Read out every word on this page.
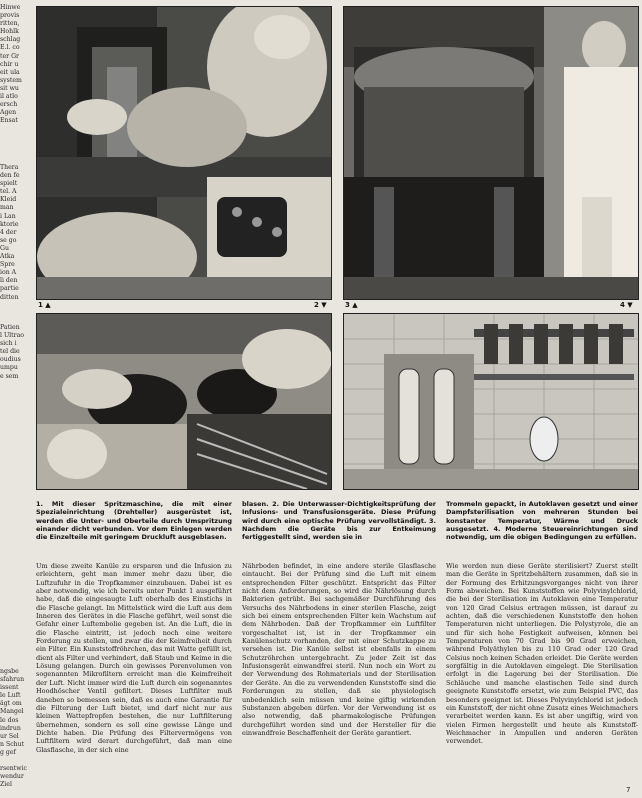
Hinwe
provis
ritten,
Hohlk
schlag
E.l. co
ter Gr
chir u
eit ula
system
sit wu
il atlo
ersch
Agen
Ensat
Thera
den fe
spielt
tel. A
Kleid
man
i Lan
ktorie
4 der
se go
Gu
Atka
Spre
ion A
li den
partie
ditten
Patien
l Ultrao
sich i
tel die
oudius
umpu
e sem
ngsbe
sfahrun
issent
le Luft
ägt om
Mangel
le dos
indrun
ur Sel
n Schut
g gef
rsentwic
wendur
Ziel
1 ▲	2 ▼	3 ▲	4 ▼
1. Mit dieser Spritzmaschine, die mit einer Spezialeinrichtung (Drehteller) ausgerüstet ist, werden die Unter- und Oberteile durch Umspritzung einander dicht verbunden. Vor dem Einlegen werden die Einzelteile mit geringem Druckluft ausgeblasen.
blasen. 2. Die Unterwasser-Dichtigkeitsprüfung der Infusions- und Transfusionsgeräte. Diese Prüfung wird durch eine optische Prüfung vervollständigt. 3. Nachdem die Geräte bis zur Entkeimung fertiggestellt sind, werden sie in
Trommeln gepackt, in Autoklaven gesetzt und einer Dampfsterilisation von mehreren Stunden bei konstanter Temperatur, Wärme und Druck ausgesetzt. 4. Moderne Steuereinrichtungen sind notwendig, um die obigen Bedingungen zu erfüllen.
Um diese zweite Kanüle zu ersparen und die Infusion zu erleichtern, geht man immer mehr dazu über, die Luftzufuhr in die Tropfkammer einzubauen. Dabei ist es aber notwendig, wie ich bereits unter Punkt 1 ausgeführt habe, daß die eingesaugte Luft oberhalb des Einstichs in die Flasche gelangt. Im Mittelstück wird die Luft aus dem Inneren des Gerätes in die Flasche geführt, weil sonst die Gefahr einer Luftembolie gegeben ist. An die Luft, die in die Flasche eintritt, ist jedoch noch eine weitere Forderung zu stellen, und zwar die der Keimfreiheit durch ein Filter. Ein Kunststoffröhrchen, das mit Watte gefüllt ist, dient als Filter und verhindert, daß Staub und Keime in die Lösung gelangen. Durch ein gewisses Porenvolumen von sogenannten Mikrofiltern erreicht man die Keimfreiheit der Luft. Nicht immer wird die Luft durch ein sogenanntes Hoodhöscher Ventil gefiltert. Dieses Luftfilter muß daneben so bemessen sein, daß es auch eine Garantie für die Filterung der Luft bietet, und darf nicht nur aus kleinen Wattepfropfen bestehen, die nur Luftfilterung übernehmen, sondern es soll eine gewisse Länge und Dichte haben. Die Prüfung des Filtervermögens von Luftfiltern wird derart durchgeführt, daß man eine Glasflasche, in der sich eine
Nährboden befindet, in eine andere sterile Glasflasche eintaucht. Bei der Prüfung sind die Luft mit einem entsprechenden Filter geschützt. Entspricht das Filter nicht dem Anforderungen, so wird die Nährlösung durch Bakterien getrübt. Bei sachgemäßer Durchführung des Versuchs des Nährbodens in einer sterilen Flasche, zeigt sich bei einem entsprechenden Filter kein Wachstum auf dem Nährboden. Daß der Tropfkammer ein Luftfilter vorgeschaltet ist, ist in der Tropfkammer ein Kanülenschutz vorhanden, der mit einer Schutzkappe zu versehen ist. Die Kanüle selbst ist ebenfalls in einem Schutzröhrchen untergebracht. Zu jeder Zeit ist das Infusionsgerät einwandfrei steril. Nun noch ein Wort zu der Verwendung des Rohmaterials und der Sterilisation der Geräte. An die zu verwendenden Kunststoffe sind die Forderungen zu stellen, daß sie physiologisch unbedenklich sein müssen und keine giftig wirkenden Substanzen abgeben dürfen. Vor der Verwendung ist es also notwendig, daß pharmakologische Prüfungen durchgeführt worden sind und der Hersteller für die einwandfreie Beschaffenheit der Geräte garantiert.
Wie werden nun diese Geräte sterilisiert? Zuerst stellt man die Geräte in Spritzbehältern zusammen, daß sie in der Formung des Erhitzungsvorganges nicht von ihrer Form abweichen. Bei Kunststoffen wie Polyvinylchlorid, die bei der Sterilisation im Autoklaven eine Temperatur von 120 Grad Celsius ertragen müssen, ist darauf zu achten, daß die verschiedenen Kunststoffe den hohen Temperaturen nicht unterliegen. Die Polystyrole, die an und für sich hohe Festigkeit aufweisen, können bei Temperaturen von 70 Grad bis 90 Grad erweichen, während Polyäthylen bis zu 110 Grad oder 120 Grad Celsius noch keinen Schaden erleidet. Die Geräte werden sorgfältig in die Autoklaven eingelegt. Die Sterilisation erfolgt in die Lagerung bei der Sterilisation. Die Schläuche und manche elastischen Teile sind durch geeignete Kunststoffe ersetzt, wie zum Beispiel PVC, das besonders geeignet ist. Dieses Polyvinylchlorid ist jedoch ein Kunststoff, der nicht ohne Zusatz eines Weichmachers verarbeitet werden kann. Es ist aber ungiftig, wird von vielen Firmen hergestellt und heute als Kunststoff-Weichmacher in Ampullen und anderen Geräten verwendet.
7
